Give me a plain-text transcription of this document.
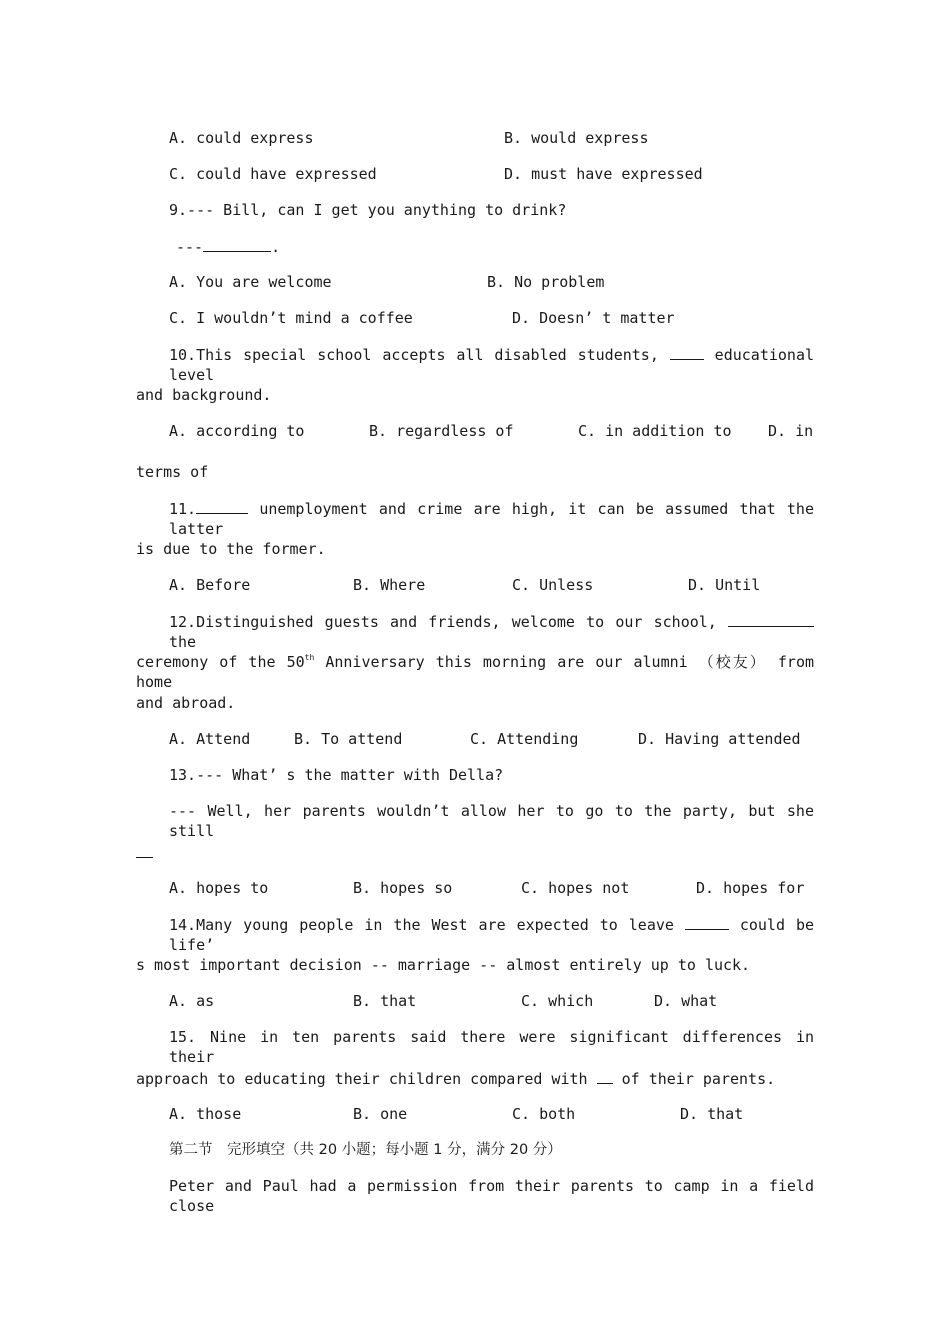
A. could express	B. would express
C. could have expressed	D. must have expressed
9.--- Bill, can I get you anything to drink?
---	.
A. You are welcome	B. No problem
C. I wouldn’t mind a coffee	D. Doesn’ t matter
10.This special school accepts all disabled students,	educational level
and background.
A. according to	B. regardless of	C. in addition to D. in
terms of
11.	unemployment and crime are high, it can be assumed that the latter
is due to the former.
A. Before	B. Where	C. Unless	D. Until
12.Distinguished guests and friends, welcome to our school, the
ceremony of the 50th Anniversary this morning are our alumni （校友） from home
and abroad.
A. Attend	B. To attend	C. Attending	D. Having attended
13.--- What’ s the matter with Della?
--- Well, her parents wouldn’t allow her to go to the party, but she still
A. hopes to	B. hopes so	C. hopes not	D. hopes for
14.Many young people in the West are expected to leave	could be life’
s most important decision -- marriage -- almost entirely up to luck.
A. as	B. that	C. which	D. what
15. Nine in ten parents said there were significant differences in their
approach to educating their children compared with of their parents.
A. those	B. one	C. both	D. that
第二节　完形填空（共 20 小题；每小题 1 分，满分 20 分）
Peter and Paul had a permission from their parents to camp in a field close
